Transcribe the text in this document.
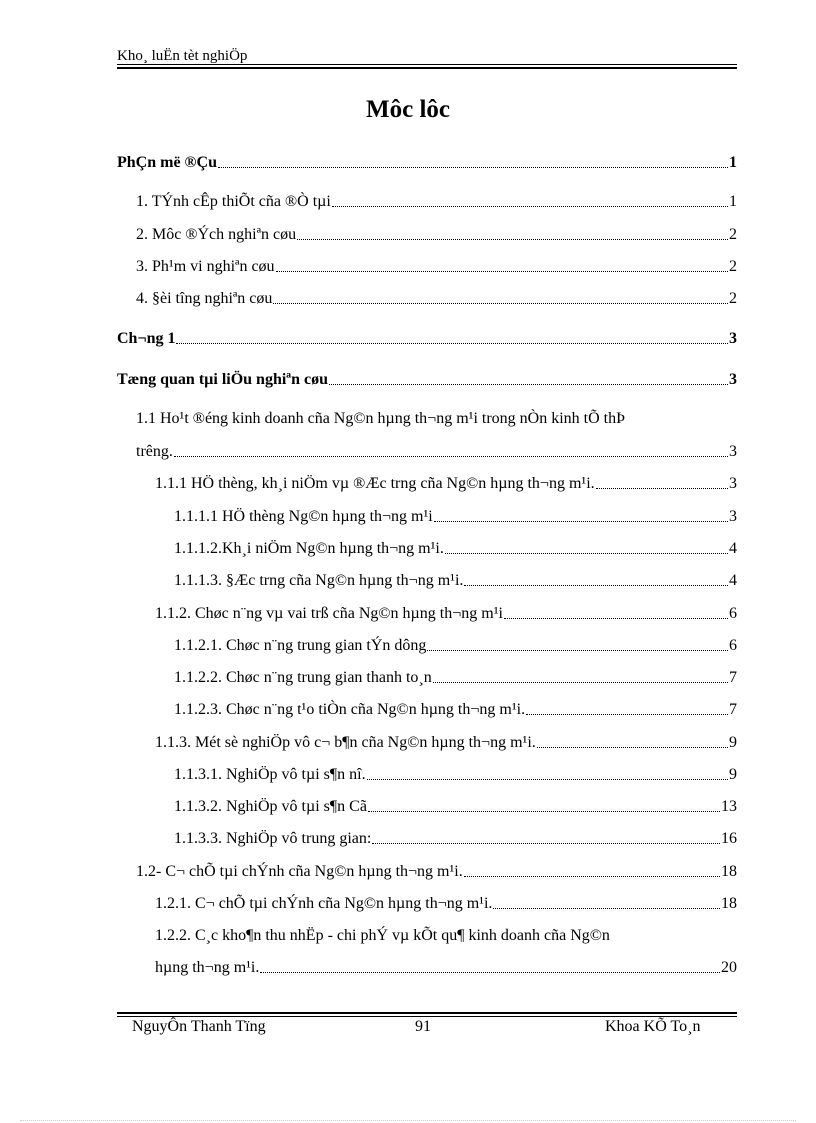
Kho¸ luËn tèt nghiÖp
Môc lôc
PhÇn më ®Çu	1
1. TÝnh cÊp thiÕt cña ®Ò tµi	1
2. Môc ®Ých nghiªn cøu	2
3. Ph¹m vi nghiªn cøu	2
4. §èi tîng nghiªn cøu	2
Ch¬ng 1	3
Tæng quan tµi liÖu nghiªn cøu	3
1.1 Ho¹t ®éng kinh doanh cña Ng©n hµng th¬ng m¹i trong nÒn kinh tÕ thÞ
trêng.	3
1.1.1 HÖ thèng, kh¸i niÖm vµ ®Æc trng cña Ng©n hµng th¬ng m¹i.	3
1.1.1.1 HÖ thèng Ng©n hµng th¬ng m¹i	3
1.1.1.2.Kh¸i niÖm Ng©n hµng th¬ng m¹i.	4
1.1.1.3. §Æc trng cña Ng©n hµng th¬ng m¹i.	4
1.1.2. Chøc n¨ng vµ vai trß cña Ng©n hµng th¬ng m¹i	6
1.1.2.1. Chøc n¨ng trung gian tÝn dông	6
1.1.2.2. Chøc n¨ng trung gian thanh to¸n	7
1.1.2.3. Chøc n¨ng t¹o tiÒn cña Ng©n hµng th¬ng m¹i.	7
1.1.3. Mét sè nghiÖp vô c¬ b¶n cña Ng©n hµng th¬ng m¹i.	9
1.1.3.1. NghiÖp vô tµi s¶n nî.	9
1.1.3.2. NghiÖp vô tµi s¶n Cã	13
1.1.3.3. NghiÖp vô trung gian:	16
1.2- C¬ chÕ tµi chÝnh cña Ng©n hµng th¬ng m¹i.	18
1.2.1. C¬ chÕ tµi chÝnh cña Ng©n hµng th¬ng m¹i.	18
1.2.2. C¸c kho¶n thu nhËp - chi phÝ vµ kÕt qu¶ kinh doanh cña Ng©n
hµng th¬ng m¹i.	20
NguyÔn Thanh Tïng	91	Khoa KÕ To¸n
